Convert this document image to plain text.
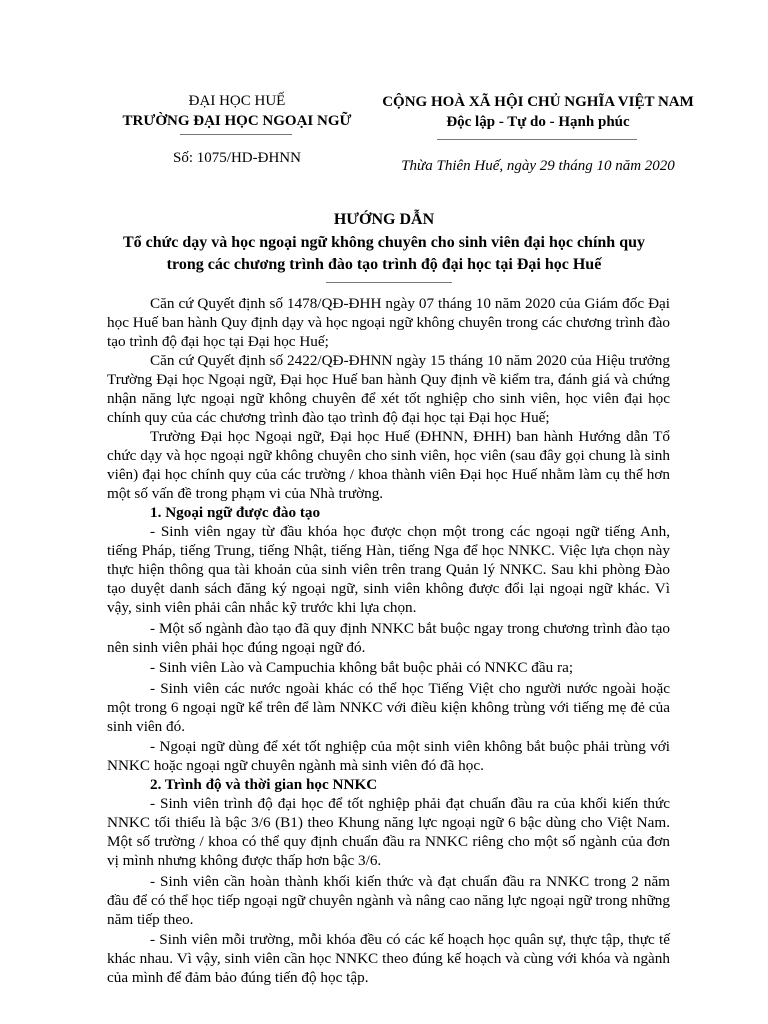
ĐẠI HỌC HUẾ
TRƯỜNG ĐẠI HỌC NGOẠI NGỮ
Số: 1075/HD-ĐHNN
CỘNG HOÀ XÃ HỘI CHỦ NGHĨA VIỆT NAM
Độc lập - Tự do - Hạnh phúc
Thừa Thiên Huế, ngày 29 tháng 10 năm 2020
HƯỚNG DẪN
Tổ chức dạy và học ngoại ngữ không chuyên cho sinh viên đại học chính quy
trong các chương trình đào tạo trình độ đại học tại Đại học Huế

Căn cứ Quyết định số 1478/QĐ-ĐHH ngày 07 tháng 10 năm 2020 của Giám đốc Đại học Huế ban hành Quy định dạy và học ngoại ngữ không chuyên trong các chương trình đào tạo trình độ đại học tại Đại học Huế;

Căn cứ Quyết định số 2422/QĐ-ĐHNN ngày 15 tháng 10 năm 2020 của Hiệu trưởng Trường Đại học Ngoại ngữ, Đại học Huế ban hành Quy định về kiểm tra, đánh giá và chứng nhận năng lực ngoại ngữ không chuyên để xét tốt nghiệp cho sinh viên, học viên đại học chính quy của các chương trình đào tạo trình độ đại học tại Đại học Huế;

Trường Đại học Ngoại ngữ, Đại học Huế (ĐHNN, ĐHH) ban hành Hướng dẫn Tổ chức dạy và học ngoại ngữ không chuyên cho sinh viên, học viên (sau đây gọi chung là sinh viên) đại học chính quy của các trường / khoa thành viên Đại học Huế nhằm làm cụ thể hơn một số vấn đề trong phạm vi của Nhà trường.

1. Ngoại ngữ được đào tạo

- Sinh viên ngay từ đầu khóa học được chọn một trong các ngoại ngữ tiếng Anh, tiếng Pháp, tiếng Trung, tiếng Nhật, tiếng Hàn, tiếng Nga để học NNKC. Việc lựa chọn này thực hiện thông qua tài khoản của sinh viên trên trang Quản lý NNKC. Sau khi phòng Đào tạo duyệt danh sách đăng ký ngoại ngữ, sinh viên không được đổi lại ngoại ngữ khác. Vì vậy, sinh viên phải cân nhắc kỹ trước khi lựa chọn.

- Một số ngành đào tạo đã quy định NNKC bắt buộc ngay trong chương trình đào tạo nên sinh viên phải học đúng ngoại ngữ đó.

- Sinh viên Lào và Campuchia không bắt buộc phải có NNKC đầu ra;

- Sinh viên các nước ngoài khác có thể học Tiếng Việt cho người nước ngoài hoặc một trong 6 ngoại ngữ kể trên để làm NNKC với điều kiện không trùng với tiếng mẹ đẻ của sinh viên đó.

- Ngoại ngữ dùng để xét tốt nghiệp của một sinh viên không bắt buộc phải trùng với NNKC hoặc ngoại ngữ chuyên ngành mà sinh viên đó đã học.

2. Trình độ và thời gian học NNKC

- Sinh viên trình độ đại học để tốt nghiệp phải đạt chuẩn đầu ra của khối kiến thức NNKC tối thiểu là bậc 3/6 (B1) theo Khung năng lực ngoại ngữ 6 bậc dùng cho Việt Nam. Một số trường / khoa có thể quy định chuẩn đầu ra NNKC riêng cho một số ngành của đơn vị mình nhưng không được thấp hơn bậc 3/6.

- Sinh viên cần hoàn thành khối kiến thức và đạt chuẩn đầu ra NNKC trong 2 năm đầu để có thể học tiếp ngoại ngữ chuyên ngành và nâng cao năng lực ngoại ngữ trong những năm tiếp theo.

- Sinh viên mỗi trường, mỗi khóa đều có các kế hoạch học quân sự, thực tập, thực tế khác nhau. Vì vậy, sinh viên cần học NNKC theo đúng kế hoạch và cùng với khóa và ngành của mình để đảm bảo đúng tiến độ học tập.
